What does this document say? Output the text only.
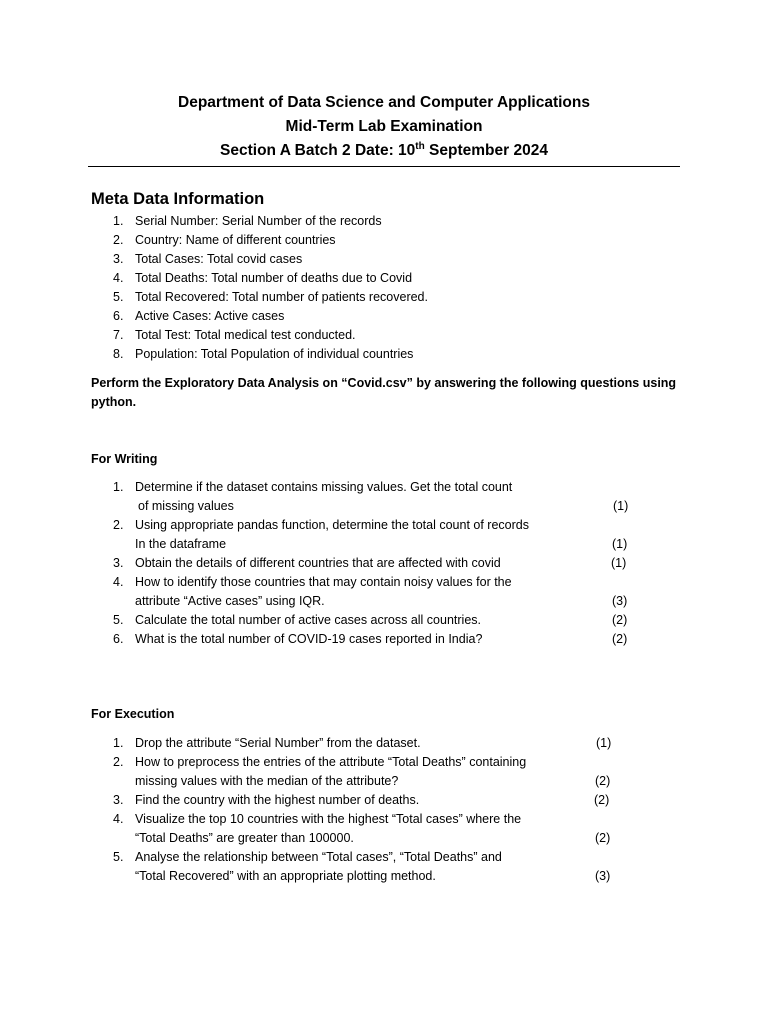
Department of Data Science and Computer Applications
Mid-Term Lab Examination
Section A Batch 2 Date: 10th September 2024
Meta Data Information
1. Serial Number: Serial Number of the records
2. Country: Name of different countries
3. Total Cases: Total covid cases
4. Total Deaths: Total number of deaths due to Covid
5. Total Recovered: Total number of patients recovered.
6. Active Cases: Active cases
7. Total Test: Total medical test conducted.
8. Population: Total Population of individual countries
Perform the Exploratory Data Analysis on “Covid.csv” by answering the following questions using python.
For Writing
1. Determine if the dataset contains missing values. Get the total count
of missing values	(1)
2. Using appropriate pandas function, determine the total count of records
In the dataframe	(1)
3. Obtain the details of different countries that are affected with covid	(1)
4. How to identify those countries that may contain noisy values for the
attribute “Active cases” using IQR.	(3)
5. Calculate the total number of active cases across all countries.	(2)
6. What is the total number of COVID-19 cases reported in India?	(2)
For Execution
1. Drop the attribute “Serial Number” from the dataset.	(1)
2. How to preprocess the entries of the attribute “Total Deaths” containing
missing values with the median of the attribute?	(2)
3. Find the country with the highest number of deaths.	(2)
4. Visualize the top 10 countries with the highest “Total cases” where the
“Total Deaths” are greater than 100000.	(2)
5. Analyse the relationship between “Total cases”, “Total Deaths” and
“Total Recovered” with an appropriate plotting method.	(3)
